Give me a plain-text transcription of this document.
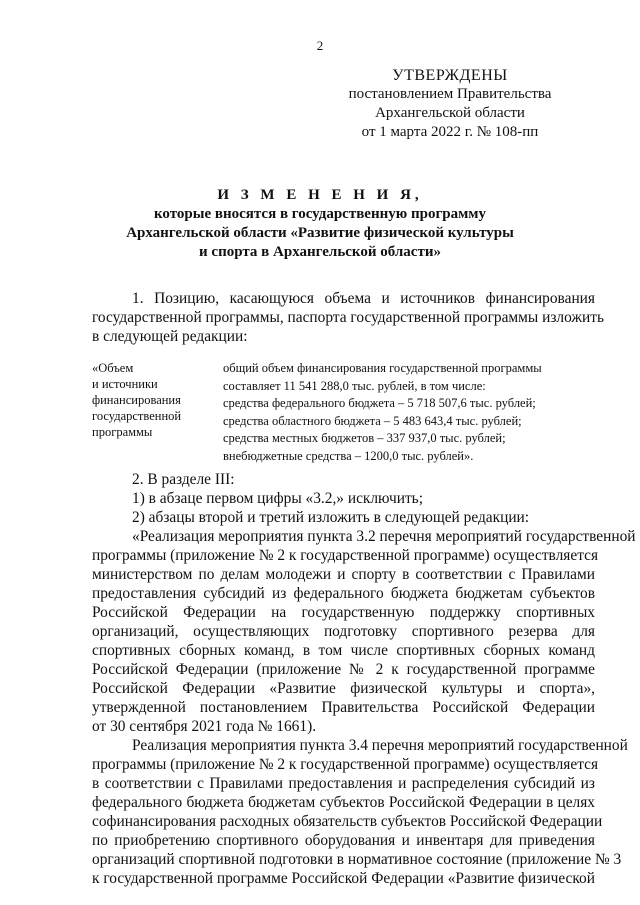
2
УТВЕРЖДЕНЫ
постановлением Правительства
Архангельской области
от 1 марта 2022 г. № 108-пп
И З М Е Н Е Н И Я,
которые вносятся в государственную программу
Архангельской области «Развитие физической культуры
и спорта в Архангельской области»
1. Позицию, касающуюся объема и источников финансирования
государственной программы, паспорта государственной программы изложить
в следующей редакции:
«Объем
и источники
финансирования
государственной
программы
общий объем финансирования государственной программы
составляет 11 541 288,0 тыс. рублей, в том числе:
средства федерального бюджета – 5 718 507,6 тыс. рублей;
средства областного бюджета – 5 483 643,4 тыс. рублей;
средства местных бюджетов – 337 937,0 тыс. рублей;
внебюджетные средства – 1200,0 тыс. рублей».
2. В разделе III:
1) в абзаце первом цифры «3.2,» исключить;
2) абзацы второй и третий изложить в следующей редакции:
«Реализация мероприятия пункта 3.2 перечня мероприятий государственной
программы (приложение № 2 к государственной программе) осуществляется
министерством по делам молодежи и спорту в соответствии с Правилами
предоставления субсидий из федерального бюджета бюджетам субъектов
Российской Федерации на государственную поддержку спортивных
организаций, осуществляющих подготовку спортивного резерва для
спортивных сборных команд, в том числе спортивных сборных команд
Российской Федерации (приложение № 2 к государственной программе
Российской Федерации «Развитие физической культуры и спорта»,
утвержденной постановлением Правительства Российской Федерации
от 30 сентября 2021 года № 1661).
Реализация мероприятия пункта 3.4 перечня мероприятий государственной
программы (приложение № 2 к государственной программе) осуществляется
в соответствии с Правилами предоставления и распределения субсидий из
федерального бюджета бюджетам субъектов Российской Федерации в целях
софинансирования расходных обязательств субъектов Российской Федерации
по приобретению спортивного оборудования и инвентаря для приведения
организаций спортивной подготовки в нормативное состояние (приложение № 3
к государственной программе Российской Федерации «Развитие физической
